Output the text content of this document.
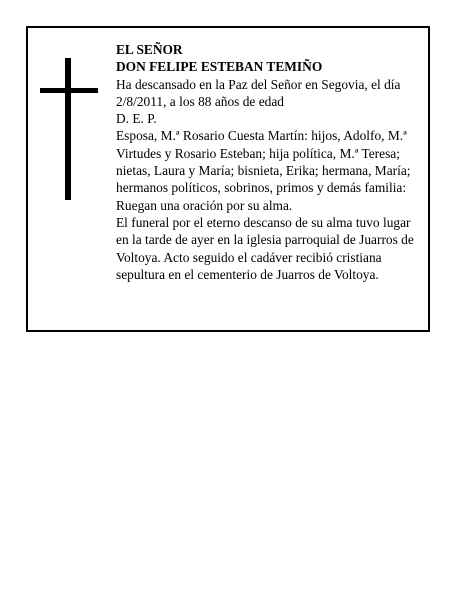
EL SEÑOR

DON FELIPE ESTEBAN TEMIÑO

Ha descansado en la Paz del Señor en Segovia, el día 2/8/2011, a los 88 años de edad

D. E. P.

Esposa, M.ª Rosario Cuesta Martín: hijos, Adolfo, M.ª Virtudes y Rosario Esteban; hija política, M.ª Teresa; nietas, Laura y María; bisnieta, Erika; hermana, María; hermanos políticos, sobrinos, primos y demás familia:

Ruegan una oración por su alma.

El funeral por el eterno descanso de su alma tuvo lugar en la tarde de ayer en la iglesia parroquial de Juarros de Voltoya. Acto seguido el cadáver recibió cristiana sepultura en el cementerio de Juarros de Voltoya.
